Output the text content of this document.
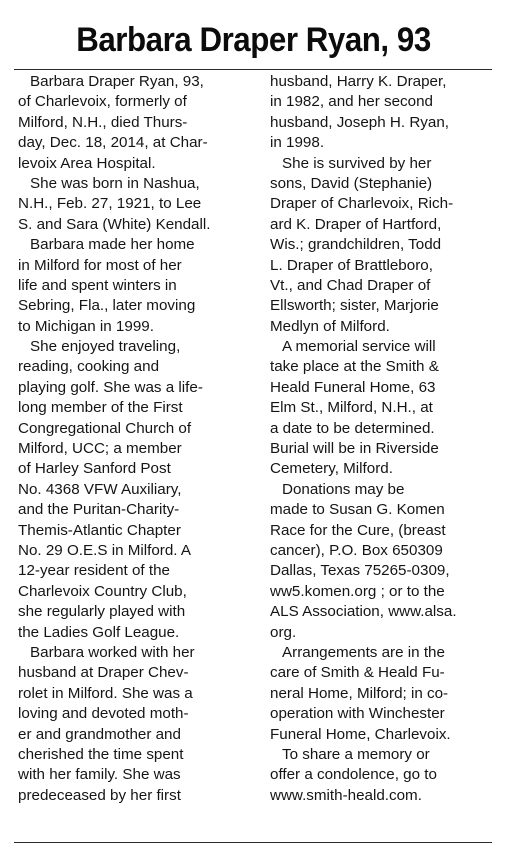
Barbara Draper Ryan, 93
Barbara Draper Ryan, 93,
of Charlevoix, formerly of
Milford, N.H., died Thurs-
day, Dec. 18, 2014, at Char-
levoix Area Hospital.
She was born in Nashua,
N.H., Feb. 27, 1921, to Lee
S. and Sara (White) Kendall.
Barbara made her home
in Milford for most of her
life and spent winters in
Sebring, Fla., later moving
to Michigan in 1999.
She enjoyed traveling,
reading, cooking and
playing golf. She was a life-
long member of the First
Congregational Church of
Milford, UCC; a member
of Harley Sanford Post
No. 4368 VFW Auxiliary,
and the Puritan-Charity-
Themis-Atlantic Chapter
No. 29 O.E.S in Milford. A
12-year resident of the
Charlevoix Country Club,
she regularly played with
the Ladies Golf League.
Barbara worked with her
husband at Draper Chev-
rolet in Milford. She was a
loving and devoted moth-
er and grandmother and
cherished the time spent
with her family. She was
predeceased by her first
husband, Harry K. Draper,
in 1982, and her second
husband, Joseph H. Ryan,
in 1998.
She is survived by her
sons, David (Stephanie)
Draper of Charlevoix, Rich-
ard K. Draper of Hartford,
Wis.; grandchildren, Todd
L. Draper of Brattleboro,
Vt., and Chad Draper of
Ellsworth; sister, Marjorie
Medlyn of Milford.
A memorial service will
take place at the Smith &
Heald Funeral Home, 63
Elm St., Milford, N.H., at
a date to be determined.
Burial will be in Riverside
Cemetery, Milford.
Donations may be
made to Susan G. Komen
Race for the Cure, (breast
cancer), P.O. Box 650309
Dallas, Texas 75265-0309,
ww5.komen.org ; or to the
ALS Association, www.alsa.
org.
Arrangements are in the
care of Smith & Heald Fu-
neral Home, Milford; in co-
operation with Winchester
Funeral Home, Charlevoix.
To share a memory or
offer a condolence, go to
www.smith-heald.com.
